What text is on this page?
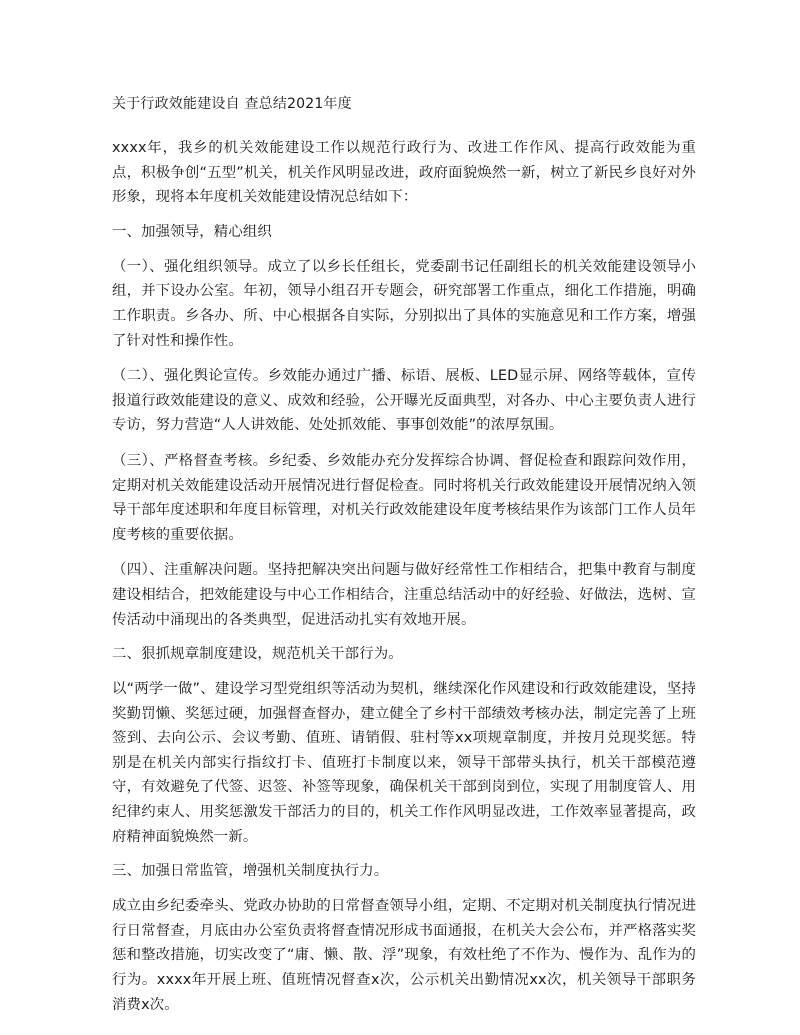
关于行政效能建设自 查总结2021年度

xxxx年，我乡的机关效能建设工作以规范行政行为、改进工作作风、提高行政效能为重点，积极争创“五型”机关，机关作风明显改进，政府面貌焕然一新，树立了新民乡良好对外形象，现将本年度机关效能建设情况总结如下：

一、加强领导，精心组织

（一）、强化组织领导。成立了以乡长任组长，党委副书记任副组长的机关效能建设领导小组，并下设办公室。年初，领导小组召开专题会，研究部署工作重点，细化工作措施，明确工作职责。乡各办、所、中心根据各自实际，分别拟出了具体的实施意见和工作方案，增强了针对性和操作性。

（二）、强化舆论宣传。乡效能办通过广播、标语、展板、LED显示屏、网络等载体，宣传报道行政效能建设的意义、成效和经验，公开曝光反面典型，对各办、中心主要负责人进行专访，努力营造“人人讲效能、处处抓效能、事事创效能”的浓厚氛围。

（三）、严格督查考核。乡纪委、乡效能办充分发挥综合协调、督促检查和跟踪问效作用，定期对机关效能建设活动开展情况进行督促检查。同时将机关行政效能建设开展情况纳入领导干部年度述职和年度目标管理，对机关行政效能建设年度考核结果作为该部门工作人员年度考核的重要依据。

（四）、注重解决问题。坚持把解决突出问题与做好经常性工作相结合，把集中教育与制度建设相结合，把效能建设与中心工作相结合，注重总结活动中的好经验、好做法，选树、宣传活动中涌现出的各类典型，促进活动扎实有效地开展。

二、狠抓规章制度建设，规范机关干部行为。

以“两学一做”、建设学习型党组织等活动为契机，继续深化作风建设和行政效能建设，坚持奖勤罚懒、奖惩过硬，加强督查督办，建立健全了乡村干部绩效考核办法，制定完善了上班签到、去向公示、会议考勤、值班、请销假、驻村等xx项规章制度，并按月兑现奖惩。特别是在机关内部实行指纹打卡、值班打卡制度以来，领导干部带头执行，机关干部模范遵守，有效避免了代签、迟签、补签等现象，确保机关干部到岗到位，实现了用制度管人、用纪律约束人、用奖惩激发干部活力的目的，机关工作作风明显改进，工作效率显著提高，政府精神面貌焕然一新。

三、加强日常监管，增强机关制度执行力。

成立由乡纪委牵头、党政办协助的日常督查领导小组，定期、不定期对机关制度执行情况进行日常督查，月底由办公室负责将督查情况形成书面通报，在机关大会公布，并严格落实奖惩和整改措施，切实改变了“庸、懒、散、浮”现象，有效杜绝了不作为、慢作为、乱作为的行为。xxxx年开展上班、值班情况督查x次，公示机关出勤情况xx次，机关领导干部职务消费x次。
